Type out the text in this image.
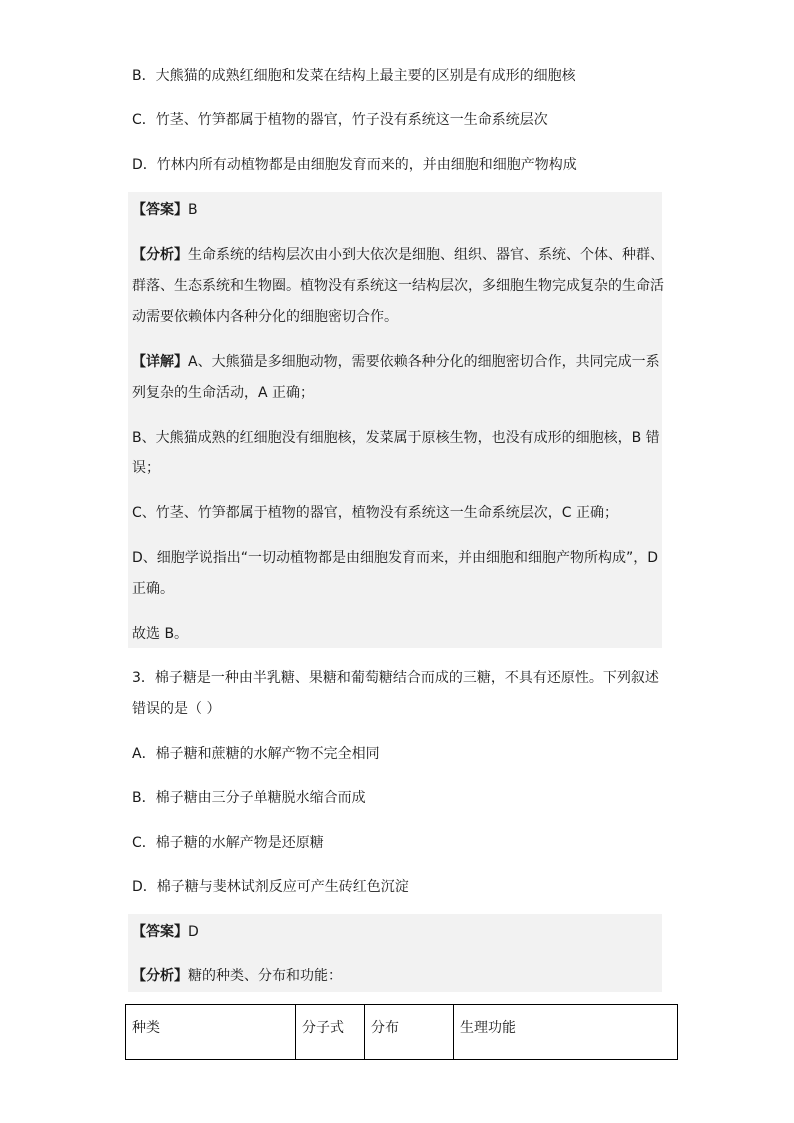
B．大熊猫的成熟红细胞和发菜在结构上最主要的区别是有成形的细胞核
C．竹茎、竹笋都属于植物的器官，竹子没有系统这一生命系统层次
D．竹林内所有动植物都是由细胞发育而来的，并由细胞和细胞产物构成
【答案】B
【分析】生命系统的结构层次由小到大依次是细胞、组织、器官、系统、个体、种群、
群落、生态系统和生物圈。植物没有系统这一结构层次，多细胞生物完成复杂的生命活
动需要依赖体内各种分化的细胞密切合作。
【详解】A、大熊猫是多细胞动物，需要依赖各种分化的细胞密切合作，共同完成一系
列复杂的生命活动，A 正确；
B、大熊猫成熟的红细胞没有细胞核，发菜属于原核生物，也没有成形的细胞核，B 错
误；
C、竹茎、竹笋都属于植物的器官，植物没有系统这一生命系统层次，C 正确；
D、细胞学说指出“一切动植物都是由细胞发育而来，并由细胞和细胞产物所构成”，D
正确。
故选 B。
3．棉子糖是一种由半乳糖、果糖和葡萄糖结合而成的三糖，不具有还原性。下列叙述
错误的是（ ）
A．棉子糖和蔗糖的水解产物不完全相同
B．棉子糖由三分子单糖脱水缩合而成
C．棉子糖的水解产物是还原糖
D．棉子糖与斐林试剂反应可产生砖红色沉淀
【答案】D
【分析】糖的种类、分布和功能：
种类	分子式	分布	生理功能
